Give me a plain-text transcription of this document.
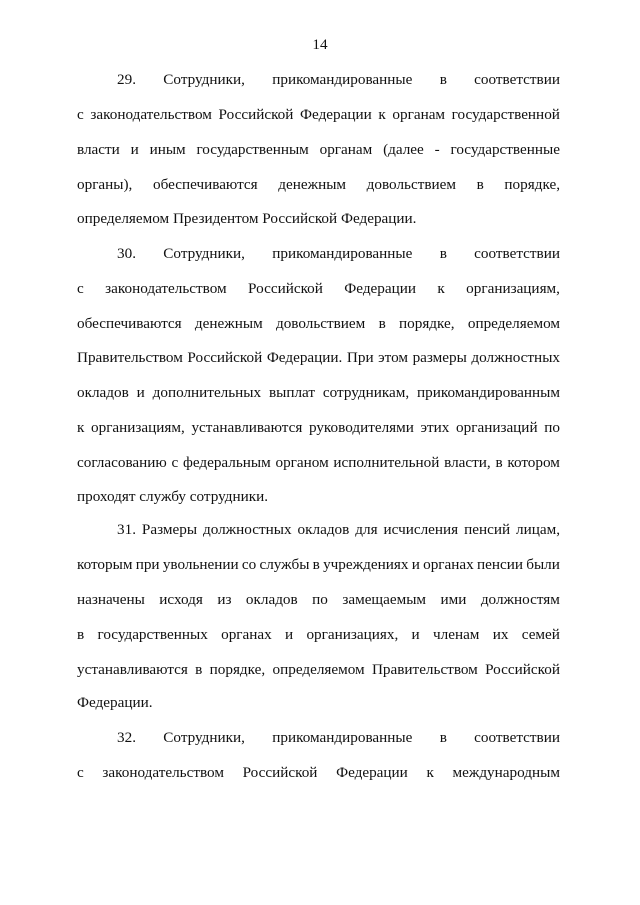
14
29. Сотрудники, прикомандированные в соответствии
с законодательством Российской Федерации к органам государственной
власти и иным государственным органам (далее - государственные
органы), обеспечиваются денежным довольствием в порядке,
определяемом Президентом Российской Федерации.
30. Сотрудники, прикомандированные в соответствии
с законодательством Российской Федерации к организациям,
обеспечиваются денежным довольствием в порядке, определяемом
Правительством Российской Федерации. При этом размеры должностных
окладов и дополнительных выплат сотрудникам, прикомандированным
к организациям, устанавливаются руководителями этих организаций по
согласованию с федеральным органом исполнительной власти, в котором
проходят службу сотрудники.
31. Размеры должностных окладов для исчисления пенсий лицам,
которым при увольнении со службы в учреждениях и органах пенсии были
назначены исходя из окладов по замещаемым ими должностям
в государственных органах и организациях, и членам их семей
устанавливаются в порядке, определяемом Правительством Российской
Федерации.
32. Сотрудники, прикомандированные в соответствии
с законодательством Российской Федерации к международным
